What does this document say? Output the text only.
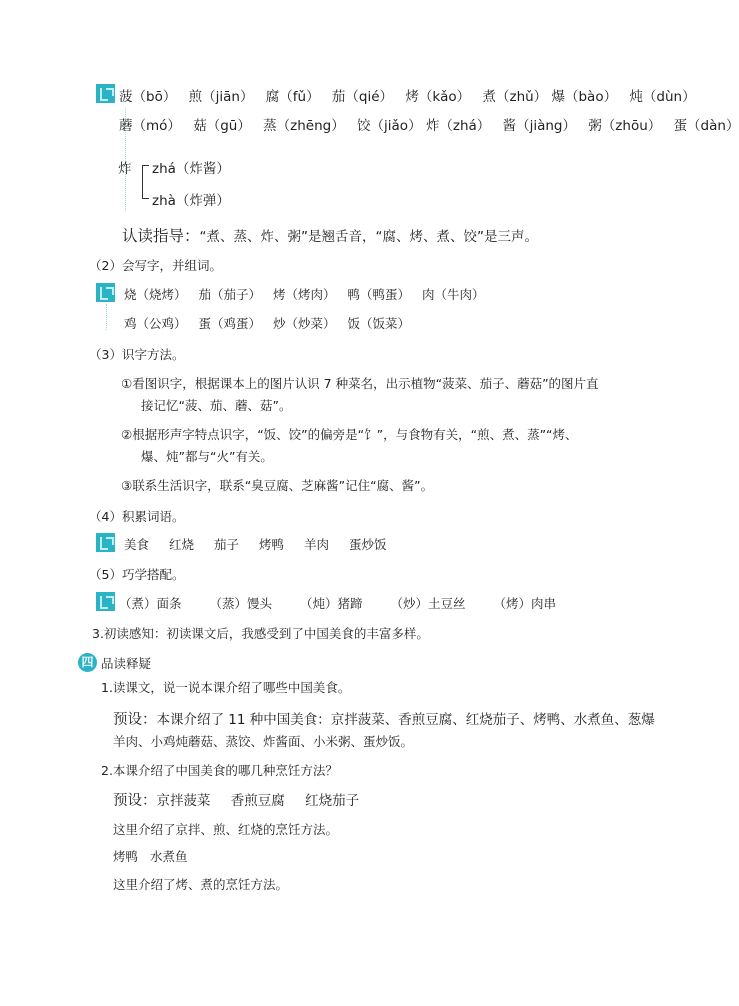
菠（bō） 煎（jiān） 腐（fǔ） 茄（qié） 烤（kǎo） 煮（zhǔ） 爆（bào） 炖（dùn）
蘑（mó） 菇（gū） 蒸（zhēng） 饺（jiǎo） 炸（zhá） 酱（jiàng） 粥（zhōu） 蛋（dàn）
炸 zhá（炸酱）
zhà（炸弹）
认读指导：“煮、蒸、炸、粥”是翘舌音，“腐、烤、煮、饺”是三声。
（2）会写字，并组词。
烧（烧烤） 茄（茄子） 烤（烤肉） 鸭（鸭蛋） 肉（牛肉）
鸡（公鸡） 蛋（鸡蛋） 炒（炒菜） 饭（饭菜）
（3）识字方法。
①看图识字，根据课本上的图片认识 7 种菜名，出示植物“菠菜、茄子、蘑菇”的图片直
接记忆“菠、茄、蘑、菇”。
②根据形声字特点识字，“饭、饺”的偏旁是“饣”，与食物有关，“煎、煮、蒸”“烤、
爆、炖”都与“火”有关。
③联系生活识字，联系“臭豆腐、芝麻酱”记住“腐、酱”。
（4）积累词语。
美食 红烧 茄子 烤鸭 羊肉 蛋炒饭
（5）巧学搭配。
（煮）面条 （蒸）馒头 （炖）猪蹄 （炒）土豆丝 （烤）肉串
3.初读感知：初读课文后，我感受到了中国美食的丰富多样。
四 品读释疑
1.读课文，说一说本课介绍了哪些中国美食。
预设：本课介绍了 11 种中国美食：京拌菠菜、香煎豆腐、红烧茄子、烤鸭、水煮鱼、葱爆
羊肉、小鸡炖蘑菇、蒸饺、炸酱面、小米粥、蛋炒饭。
2.本课介绍了中国美食的哪几种烹饪方法？
预设：京拌菠菜 香煎豆腐 红烧茄子
这里介绍了京拌、煎、红烧的烹饪方法。
烤鸭 水煮鱼
这里介绍了烤、煮的烹饪方法。
